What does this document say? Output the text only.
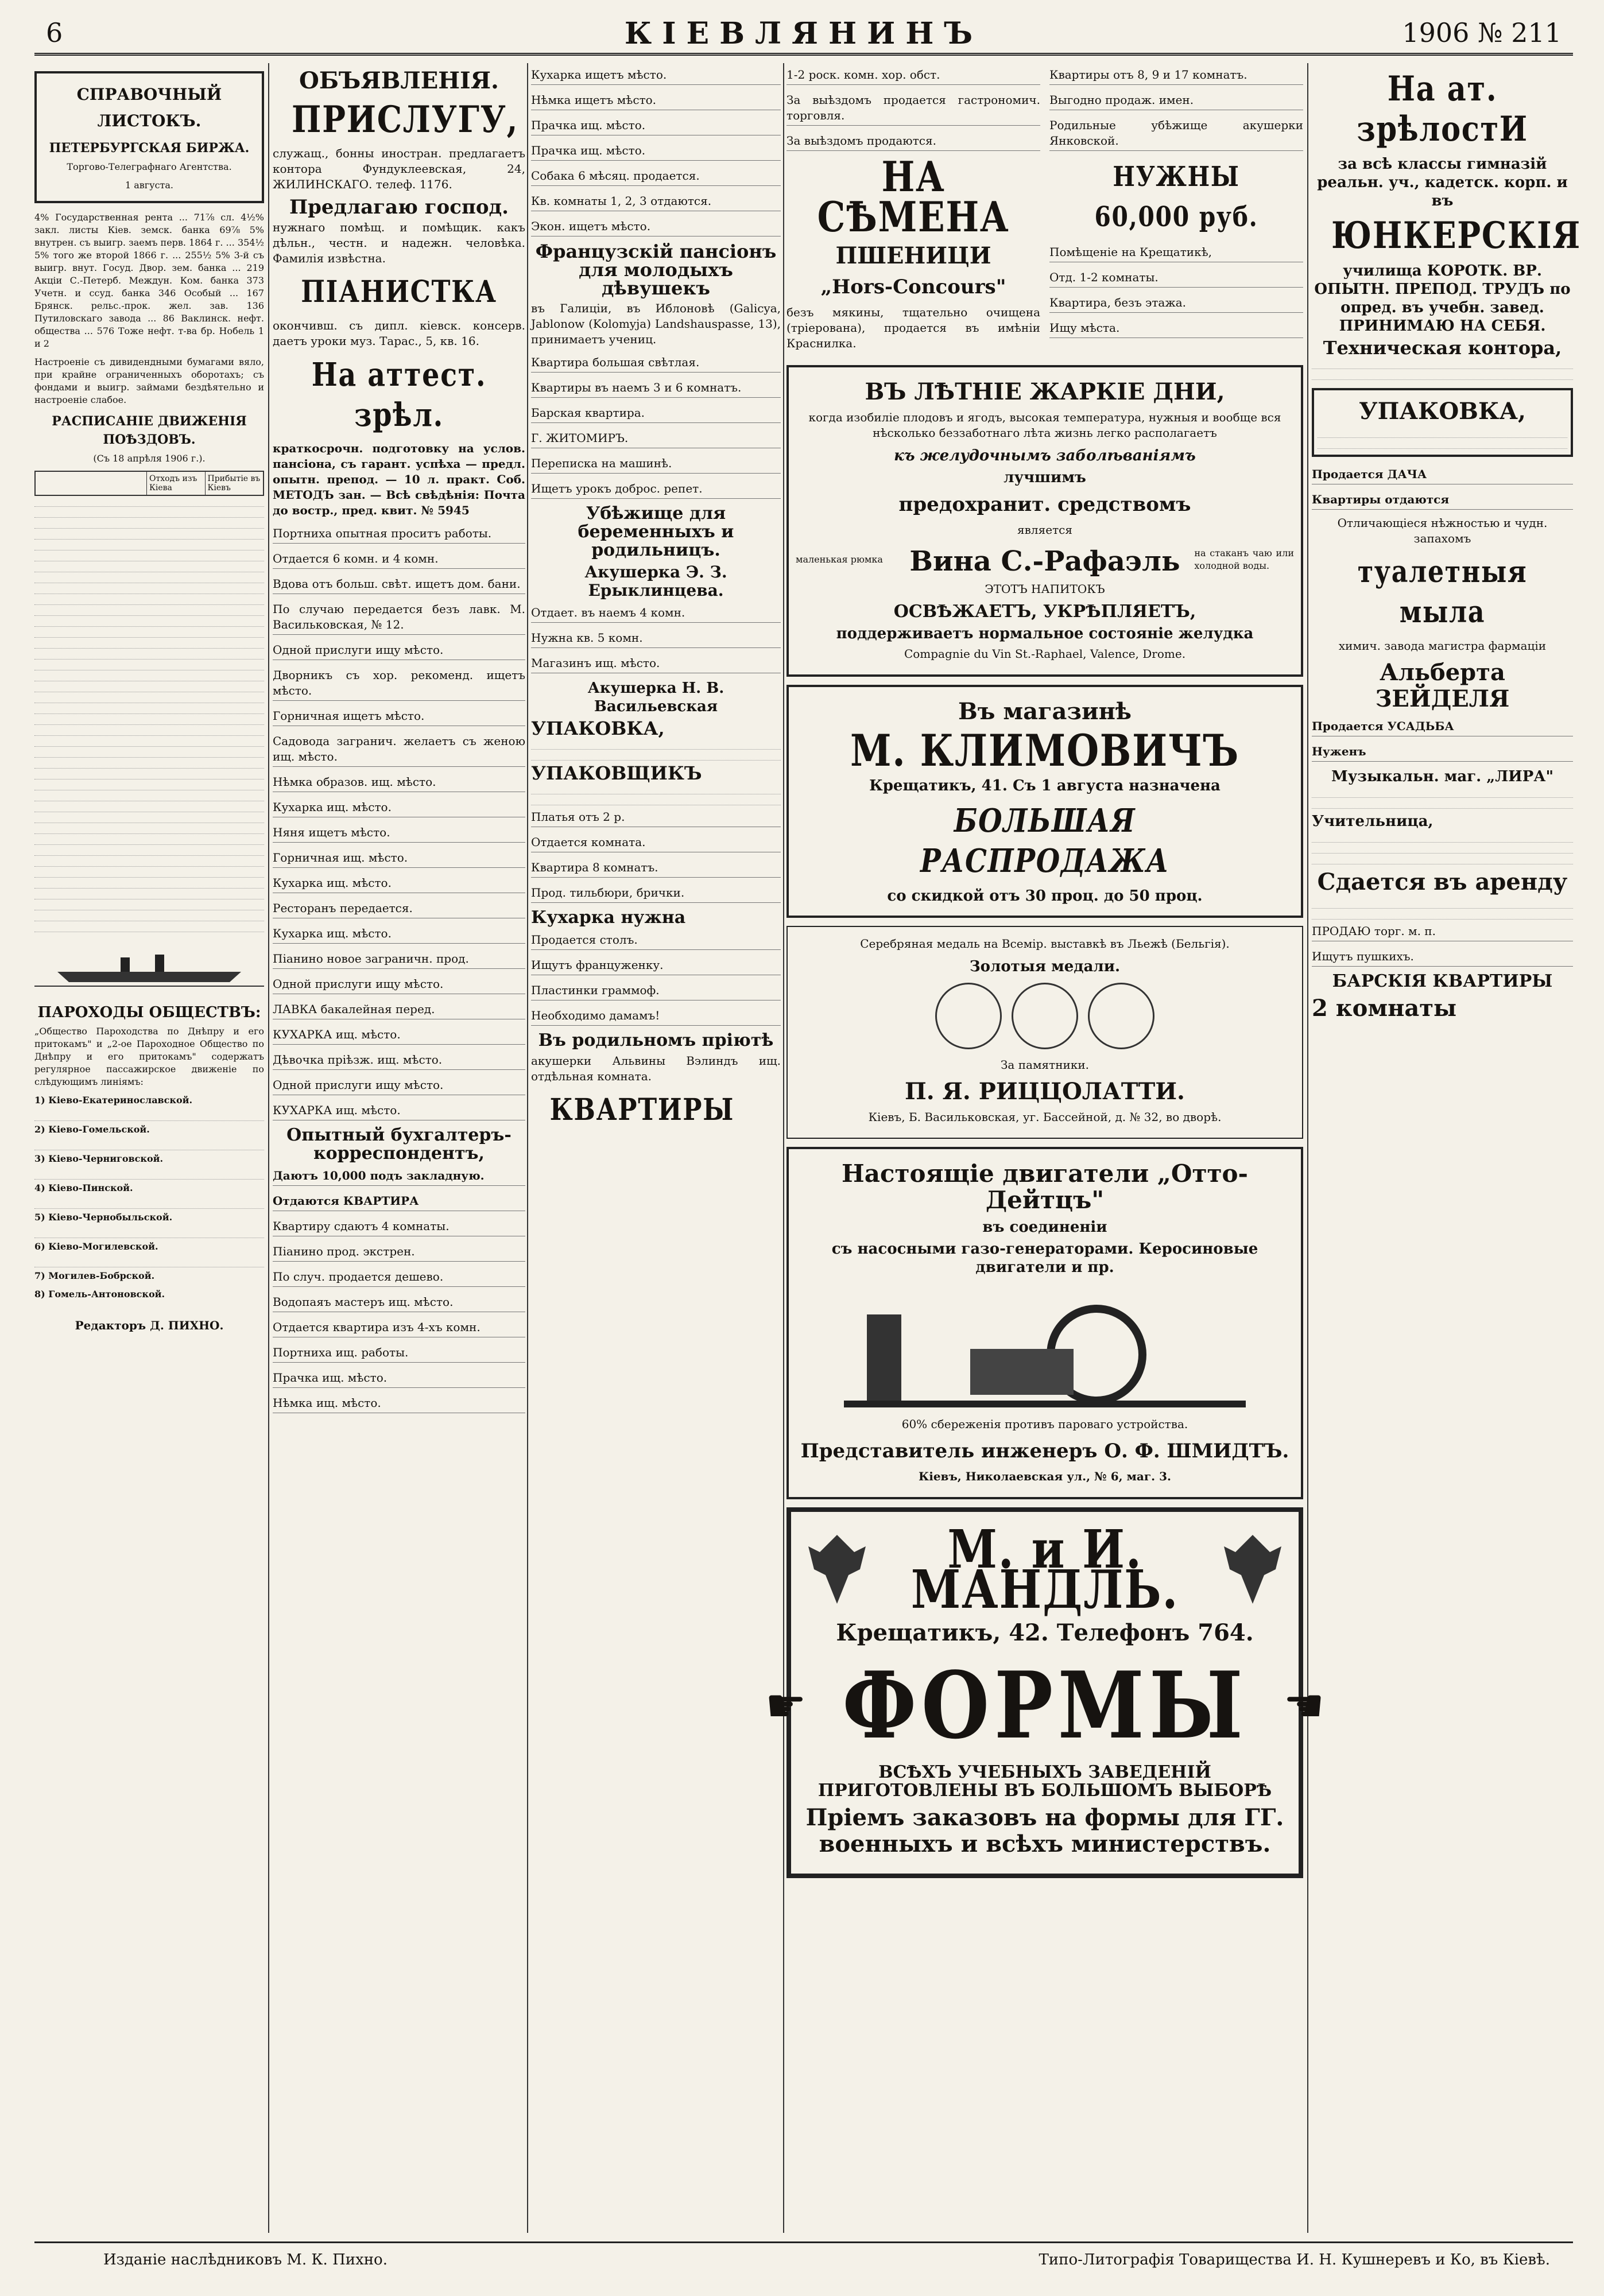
6	КІЕВЛЯНИНЪ	1906 № 211
СПРАВОЧНЫЙ ЛИСТОКЪ.
ПЕТЕРБУРГСКАЯ БИРЖА.
Торгово-Телеграфнаго Агентства.
1 августа.
4% Государственная рента ... 71⅞ сл. 4½% закл. листы Кіев. земск. банка 69⅞ 5% внутрен. съ выигр. заемъ перв. 1864 г. ... 354½ 5% того же второй 1866 г. ... 255½ 5% 3-й съ выигр. внут. Госуд. Двор. зем. банка ... 219 Акціи С.-Петерб. Междун. Ком. банка 373 Учетн. и ссуд. банка 346 Особый ... 167 Брянск. рельс.-прок. жел. зав. 136 Путиловскаго завода ... 86 Ваклинск. нефт. общества ... 576 Тоже нефт. т-ва бр. Нобель 1 и 2
Настроеніе съ дивидендными бумагами вяло, при крайне ограниченныхъ оборотахъ; съ фондами и выигр. займами бездѣятельно и настроеніе слабое.
РАСПИСАНІЕ ДВИЖЕНІЯ ПОѢЗДОВЪ.
(Съ 18 апрѣля 1906 г.).

Отходъ изъ Кіева
Прибытіе въ Кіевъ
ПАРОХОДЫ ОБЩЕСТВЪ:
„Общество Пароходства по Днѣпру и его притокамъ" и „2-ое Пароходное Общество по Днѣпру и его притокамъ" содержатъ регулярное пассажирское движеніе по слѣдующимъ линіямъ:
1) Кіево-Екатеринославской.
2) Кіево-Гомельской.
3) Кіево-Черниговской.
4) Кіево-Пинской.
5) Кіево-Чернобыльской.
6) Кіево-Могилевской.
7) Могилев-Бобрской.
8) Гомель-Антоновской.
Редакторъ Д. ПИХНО.
ОБЪЯВЛЕНІЯ.
ПРИСЛУГУ,
служащ., бонны иностран. предлагаетъ контора Фундуклеевская, 24, ЖИЛИНСКАГО. телеф. 1176.
Предлагаю господ.
нужнаго помѣщ. и помѣщик. какъ дѣльн., честн. и надежн. человѣка. Фамилія извѣстна.
ПІАНИСТКА
окончивш. съ дипл. кіевск. консерв. даетъ уроки муз. Тарас., 5, кв. 16.
На аттест. зрѣл.
краткосрочн. подготовку на услов. пансіона, съ гарант. успѣха — предл. опытн. препод. — 10 л. практ. Соб. МЕТОДЪ зан. — Всѣ свѣдѣнія: Почта до востр., пред. квит. № 5945
Портниха опытная проситъ работы.
Отдается 6 комн. и 4 комн.
Вдова отъ больш. свѣт. ищетъ дом. бани.
По случаю передается безъ лавк. М. Васильковская, № 12.
Одной прислуги ищу мѣсто.
Дворникъ съ хор. рекоменд. ищетъ мѣсто.
Горничная ищетъ мѣсто.
Садовода загранич. желаетъ съ женою ищ. мѣсто.
Нѣмка образов. ищ. мѣсто.
Кухарка ищ. мѣсто.
Няня ищетъ мѣсто.
Горничная ищ. мѣсто.
Кухарка ищ. мѣсто.
Ресторанъ передается.
Кухарка ищ. мѣсто.
Піанино новое заграничн. прод.
Одной прислуги ищу мѣсто.
ЛАВКА бакалейная перед.
КУХАРКА ищ. мѣсто.
Дѣвочка пріѣзж. ищ. мѣсто.
Одной прислуги ищу мѣсто.
КУХАРКА ищ. мѣсто.
Опытный бухгалтеръ-корреспондентъ,
Даютъ 10,000 подъ закладную.
Отдаются КВАРТИРА
Квартиру сдаютъ 4 комнаты.
Піанино прод. экстрен.
По случ. продается дешево.
Водопаяъ мастеръ ищ. мѣсто.
Отдается квартира изъ 4-хъ комн.
Портниха ищ. работы.
Прачка ищ. мѣсто.
Нѣмка ищ. мѣсто.
Кухарка ищетъ мѣсто.
Нѣмка ищетъ мѣсто.
Прачка ищ. мѣсто.
Прачка ищ. мѣсто.
Собака 6 мѣсяц. продается.
Кв. комнаты 1, 2, 3 отдаются.
Экон. ищетъ мѣсто.
Французскій пансіонъ для молодыхъ дѣвушекъ
въ Галиціи, въ Иблоновѣ (Galicya, Jablonow (Kolomyja) Landshauspasse, 13), принимаетъ учениц.
Квартира большая свѣтлая.
Квартиры въ наемъ 3 и 6 комнатъ.
Барская квартира.
Г. ЖИТОМИРЪ.
Переписка на машинѣ.
Ищетъ урокъ доброс. репет.
Убѣжище для беременныхъ и родильницъ.
Акушерка Э. З. Ерыклинцева.
Отдает. въ наемъ 4 комн.
Нужна кв. 5 комн.
Магазинъ ищ. мѣсто.
Акушерка Н. В. Васильевская
УПАКОВКА,
УПАКОВЩИКЪ
Платья отъ 2 р.
Отдается комната.
Квартира 8 комнатъ.
Прод. тильбюри, брички.
Кухарка нужна
Продается столъ.
Ищутъ француженку.
Пластинки граммоф.
Необходимо дамамъ!
Въ родильномъ пріютѣ
акушерки Альвины Вэлиндъ ищ. отдѣльная комната.
КВАРТИРЫ
1-2 роск. комн. хор. обст.
За выѣздомъ продается гастрономич. торговля.
За выѣздомъ продаются.
НА СѢМЕНА
ПШЕНИЦИ
„Hors-Concours"
безъ мякины, тщательно очищена (тріерована), продается въ имѣніи Краснилка.
Квартиры отъ 8, 9 и 17 комнатъ.
Выгодно продаж. имен.
Родильные убѣжище акушерки Янковской.
НУЖНЫ 60,000 руб.
Помѣщеніе на Крещатикѣ,
Отд. 1-2 комнаты.
Квартира, безъ этажа.
Ищу мѣста.
ВЪ ЛѢТНІЕ ЖАРКІЕ ДНИ,
когда изобиліе плодовъ и ягодъ, высокая температура, нужныя и вообще вся нѣсколько беззаботнаго лѣта жизнь легко располагаетъ
къ желудочнымъ заболѣваніямъ
лучшимъ
предохранит. средствомъ
является
маленькая рюмка Вина С.-Рафаэль	на стаканъ чаю или холодной воды.
ЭТОТЪ НАПИТОКЪ
ОСВѢЖАЕТЪ, УКРѢПЛЯЕТЪ,
поддерживаетъ нормальное состояніе желудка
Compagnie du Vin St.-Raphael, Valence, Drome.
Въ магазинѣ
М. КЛИМОВИЧЪ
Крещатикъ, 41. Съ 1 августа назначена
БОЛЬШАЯ РАСПРОДАЖА
со скидкой отъ 30 проц. до 50 проц.
Серебряная медаль на Всемір. выставкѣ въ Льежѣ (Бельгія).
Золотыя медали.

За памятники.
П. Я. РИЦЦОЛАТТИ.
Кіевъ, Б. Васильковская, уг. Бассейной, д. № 32, во дворѣ.
Настоящіе двигатели „Отто-Дейтцъ"
въ соединеніи
съ насосными газо-генераторами. Керосиновые двигатели и пр.
60% сбереженія противъ пароваго устройства.
Представитель инженеръ О. Ф. ШМИДТЪ.
Кіевъ, Николаевская ул., № 6, маг. 3.
М. и И. МАНДЛЬ.
Крещатикъ, 42. Телефонъ 764.
☛ ФОРМЫ ☚
ВСѢХЪ УЧЕБНЫХЪ ЗАВЕДЕНІЙ ПРИГОТОВЛЕНЫ ВЪ БОЛЬШОМЪ ВЫБОРѢ
Пріемъ заказовъ на формы для ГГ. военныхъ и всѣхъ министерствъ.
На ат. зрѣлостИ
за всѣ классы гимназій реальн. уч., кадетск. корп. и въ
ЮНКЕРСКІЯ
училища КОРОТК. ВР. ОПЫТН. ПРЕПОД. ТРУДЪ по опред. въ учебн. завед. ПРИНИМАЮ НА СЕБЯ.
Техническая контора,
УПАКОВКА,
Продается ДАЧА
Квартиры отдаются
Отличающіеся нѣжностью и чудн. запахомъ
туалетныя мыла
химич. завода магистра фармаціи
Альберта ЗЕЙДЕЛЯ
Продается УСАДЬБА
Нуженъ
Музыкальн. маг. „ЛИРА"
Учительница,
Сдается въ аренду
ПРОДАЮ торг. м. п.
Ищутъ пушкихъ.
БАРСКІЯ КВАРТИРЫ
2 комнаты
Изданіе наслѣдниковъ М. К. Пихно.	Типо-Литографія Товарищества И. Н. Кушнеревъ и Ко, въ Кіевѣ.
